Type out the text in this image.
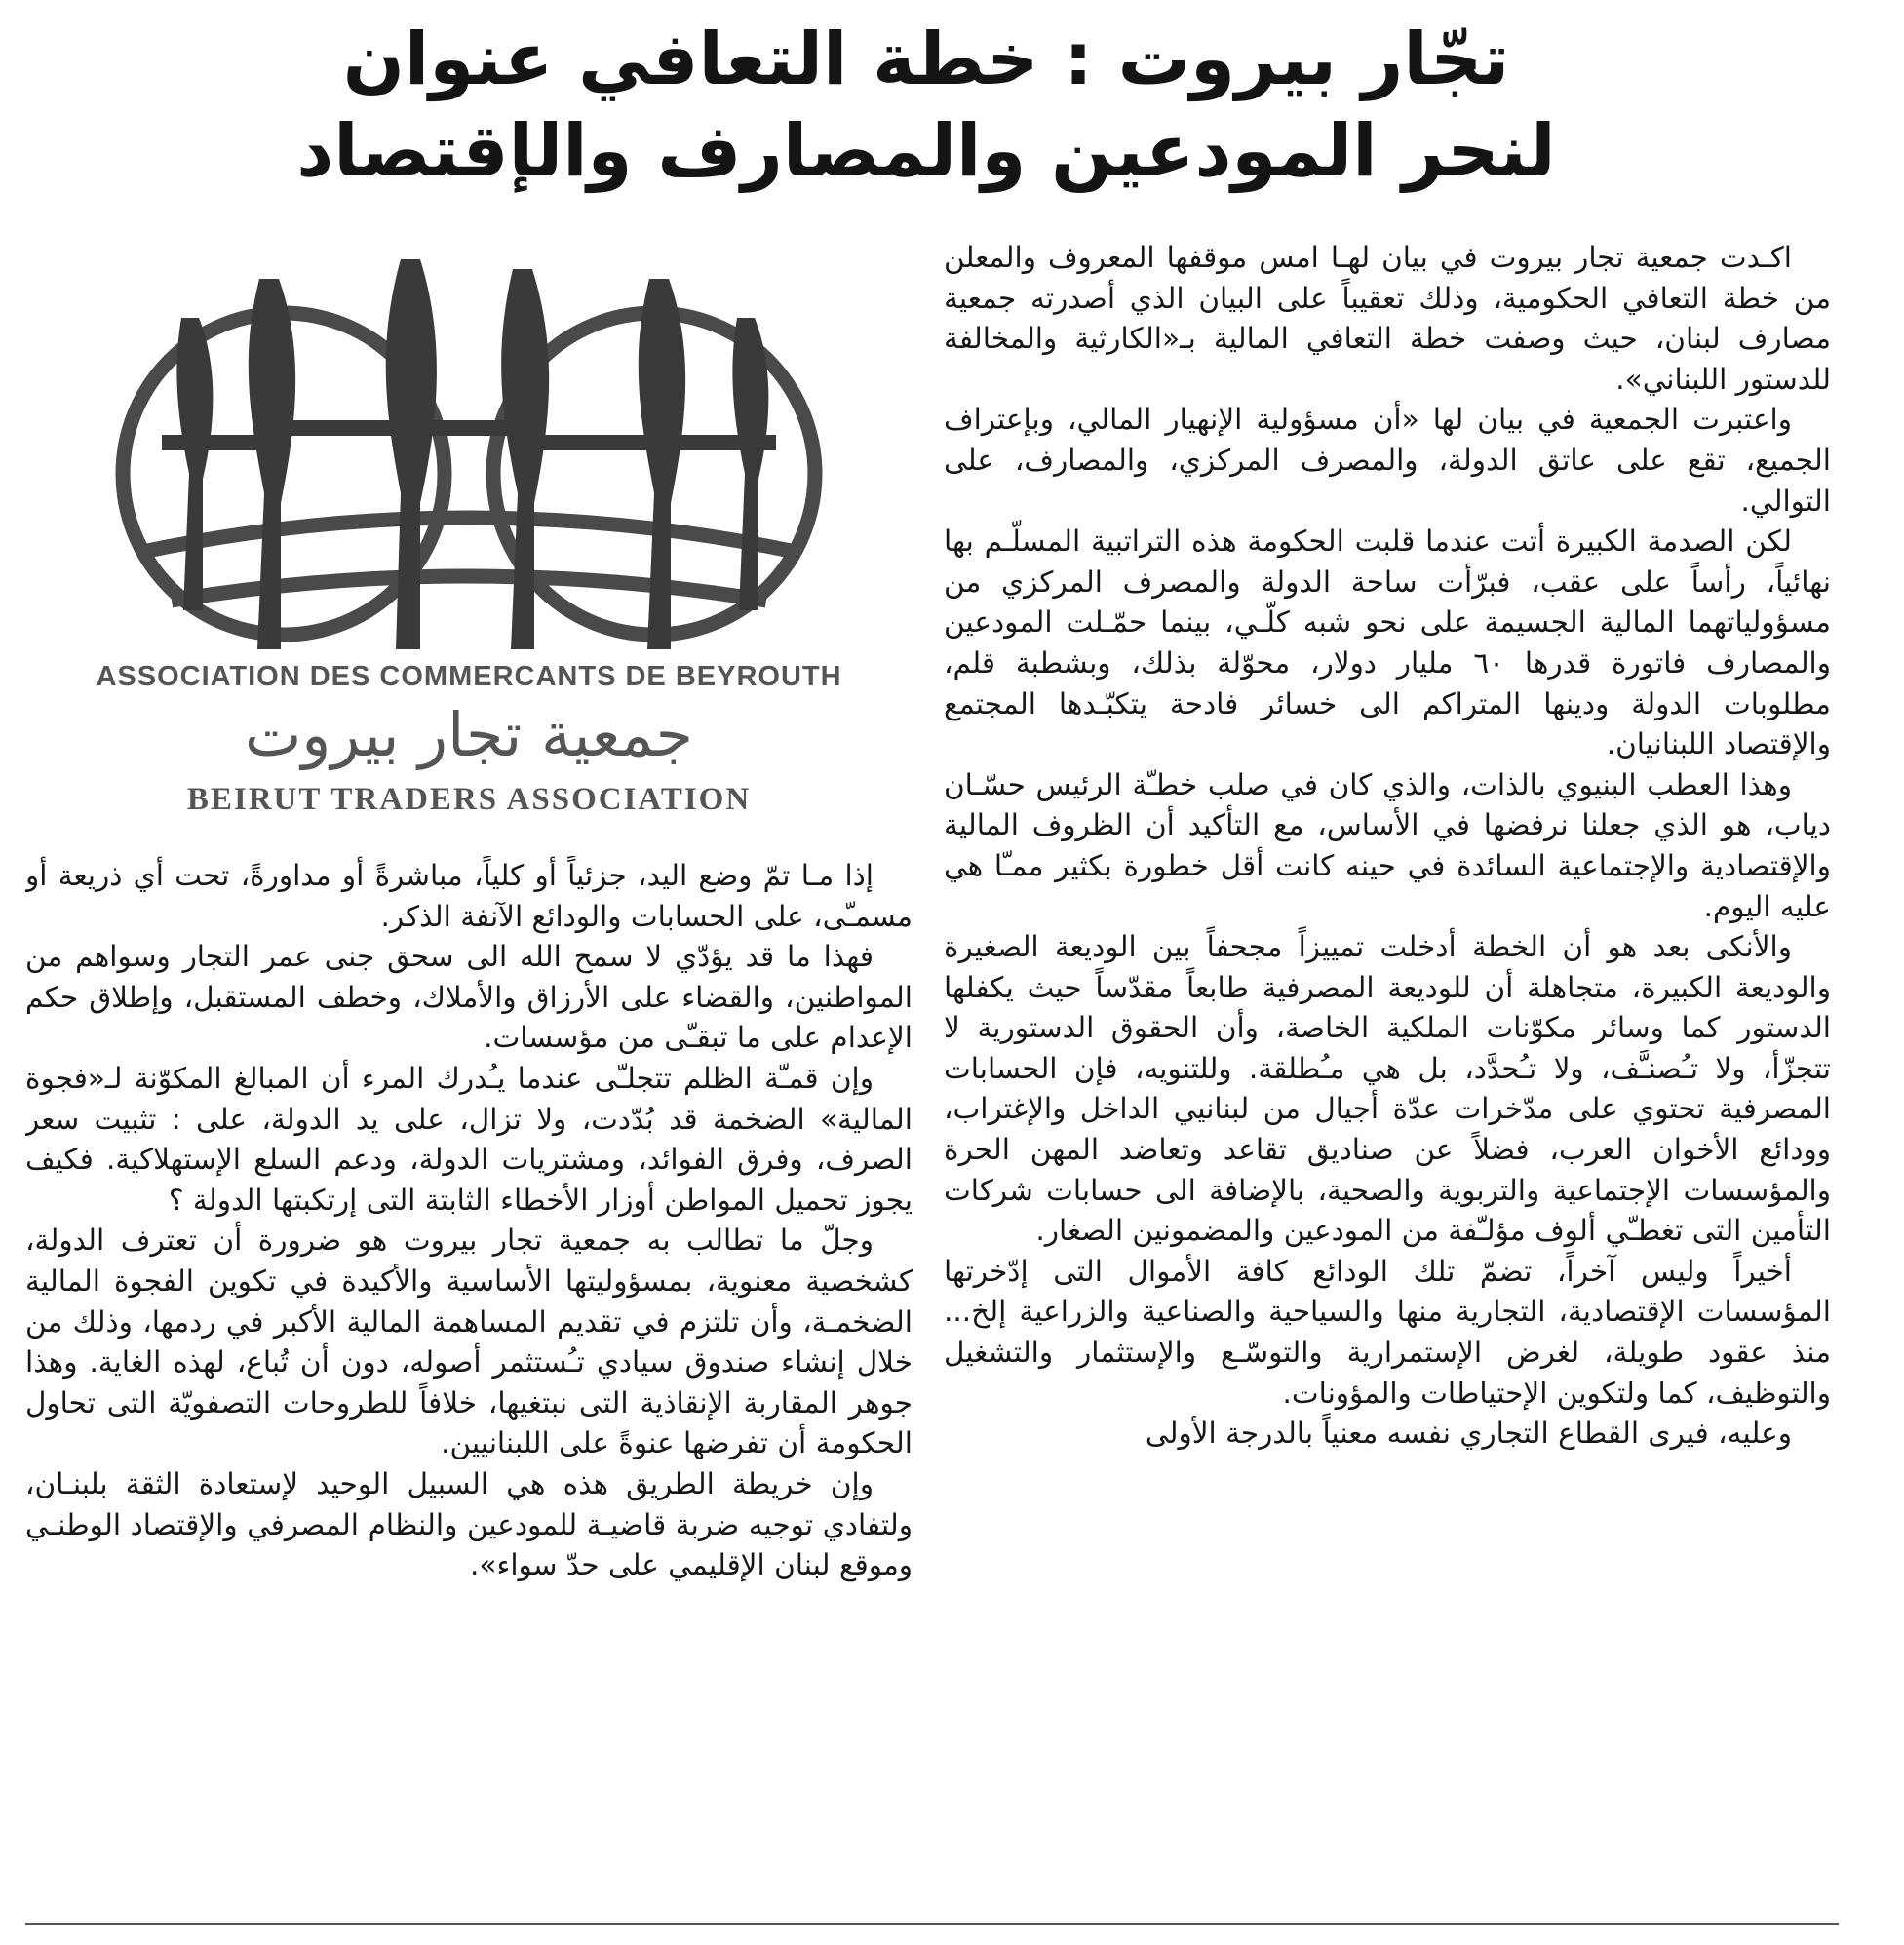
تجّار بيروت : خطة التعافي عنوان
لنحر المودعين والمصارف والإقتصاد

اكـدت جمعية تجار بيروت في بيان لهـا امس موقفها المعروف والمعلن من خطة التعافي الحكومية، وذلك تعقيباً على البيان الذي أصدرته جمعية مصارف لبنان، حيث وصفت خطة التعافي المالية بـ«الكارثية والمخالفة للدستور اللبناني».

واعتبرت الجمعية في بيان لها «أن مسؤولية الإنهيار المالي، وبإعتراف الجميع، تقع على عاتق الدولة، والمصرف المركزي، والمصارف، على التوالي.

لكن الصدمة الكبيرة أتت عندما قلبت الحكومة هذه التراتبية المسلّـم بها نهائياً، رأساً على عقب، فبرّأت ساحة الدولة والمصرف المركزي من مسؤولياتهما المالية الجسيمة على نحو شبه كلّـي، بينما حمّـلت المودعين والمصارف فاتورة قدرها ٦٠ مليار دولار، محوّلة بذلك، وبشطبة قلم، مطلوبات الدولة ودينها المتراكم الى خسائر فادحة يتكبّـدها المجتمع والإقتصاد اللبنانيان.

وهذا العطب البنيوي بالذات، والذي كان في صلب خطـّة الرئيس حسّـان دياب، هو الذي جعلنا نرفضها في الأساس، مع التأكيد أن الظروف المالية والإقتصادية والإجتماعية السائدة في حينه كانت أقل خطورة بكثير ممـّا هي عليه اليوم.

والأنكى بعد هو أن الخطة أدخلت تمييزاً مجحفاً بين الوديعة الصغيرة والوديعة الكبيرة، متجاهلة أن للوديعة المصرفية طابعاً مقدّساً حيث يكفلها الدستور كما وسائر مكوّنات الملكية الخاصة، وأن الحقوق الدستورية لا تتجزّأ، ولا تـُصنـَّف، ولا تـُحدَّد، بل هي مـُطلقة. وللتنويه، فإن الحسابات المصرفية تحتوي على مدّخرات عدّة أجيال من لبنانيي الداخل والإغتراب، وودائع الأخوان العرب، فضلاً عن صناديق تقاعد وتعاضد المهن الحرة والمؤسسات الإجتماعية والتربوية والصحية، بالإضافة الى حسابات شركات التأمين التى تغطـّي ألوف مؤلـّفة من المودعين والمضمونين الصغار.

أخيراً وليس آخراً، تضمّ تلك الودائع كافة الأموال التى إدّخرتها المؤسسات الإقتصادية، التجارية منها والسياحية والصناعية والزراعية إلخ... منذ عقود طويلة، لغرض الإستمرارية والتوسّـع والإستثمار والتشغيل والتوظيف، كما ولتكوين الإحتياطات والمؤونات.

وعليه، فيرى القطاع التجاري نفسه معنياً بالدرجة الأولى

ASSOCIATION DES COMMERCANTS DE BEYROUTH
جمعية تجار بيروت
BEIRUT TRADERS ASSOCIATION

إذا مـا تمّ وضع اليد، جزئياً أو كلياً، مباشرةً أو مداورةً، تحت أي ذريعة أو مسمـّى، على الحسابات والودائع الآنفة الذكر.

فهذا ما قد يؤدّي لا سمح الله الى سحق جنى عمر التجار وسواهم من المواطنين، والقضاء على الأرزاق والأملاك، وخطف المستقبل، وإطلاق حكم الإعدام على ما تبقـّى من مؤسسات.

وإن قمـّة الظلم تتجلـّى عندما يـُدرك المرء أن المبالغ المكوّنة لـ«فجوة المالية» الضخمة قد بُدّدت، ولا تزال، على يد الدولة، على : تثبيت سعر الصرف، وفرق الفوائد، ومشتريات الدولة، ودعم السلع الإستهلاكية. فكيف يجوز تحميل المواطن أوزار الأخطاء الثابتة التى إرتكبتها الدولة ؟

وجلّ ما تطالب به جمعية تجار بيروت هو ضرورة أن تعترف الدولة، كشخصية معنوية، بمسؤوليتها الأساسية والأكيدة في تكوين الفجوة المالية الضخمـة، وأن تلتزم في تقديم المساهمة المالية الأكبر في ردمها، وذلك من خلال إنشاء صندوق سيادي تـُستثمر أصوله، دون أن تُباع، لهذه الغاية. وهذا جوهر المقاربة الإنقاذية التى نبتغيها، خلافاً للطروحات التصفويّة التى تحاول الحكومة أن تفرضها عنوةً على اللبنانيين.

وإن خريطة الطريق هذه هي السبيل الوحيد لإستعادة الثقة بلبنـان، ولتفادي توجيه ضربة قاضيـة للمودعين والنظام المصرفي والإقتصاد الوطنـي وموقع لبنان الإقليمي على حدّ سواء».
